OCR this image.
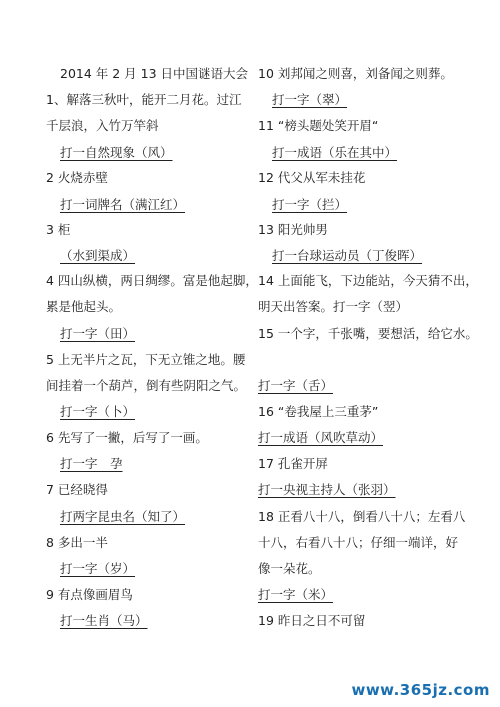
2014 年 2 月 13 日中国谜语大会
1、解落三秋叶，能开二月花。过江
千层浪，入竹万竿斜
打一自然现象（风）
2 火烧赤壁
打一词牌名（满江红）
3 柜
（水到渠成）
4 四山纵横，两日绸缪。富是他起脚，
累是他起头。
打一字（田）
5 上无半片之瓦，下无立锥之地。腰
间挂着一个葫芦，倒有些阴阳之气。
打一字（卜）
6 先写了一撇，后写了一画。
打一字　孕
7 已经晓得
打两字昆虫名（知了）
8 多出一半
打一字（岁）
9 有点像画眉鸟
打一生肖（马）
10 刘邦闻之则喜，刘备闻之则葬。
打一字（翠）
11 “榜头题处笑开眉“
打一成语（乐在其中）
12 代父从军未挂花
打一字（拦）
13 阳光帅男
打一台球运动员（丁俊晖）
14 上面能飞，下边能站，今天猜不出，
明天出答案。打一字（翌）
15 一个字，千张嘴，要想活，给它水。
打一字（舌）
16 “卷我屋上三重茅”
打一成语（风吹草动）
17 孔雀开屏
打一央视主持人（张羽）
18 正看八十八，倒看八十八；左看八
十八，右看八十八；仔细一端详，好
像一朵花。
打一字（米）
19 昨日之日不可留
www.365jz.com
